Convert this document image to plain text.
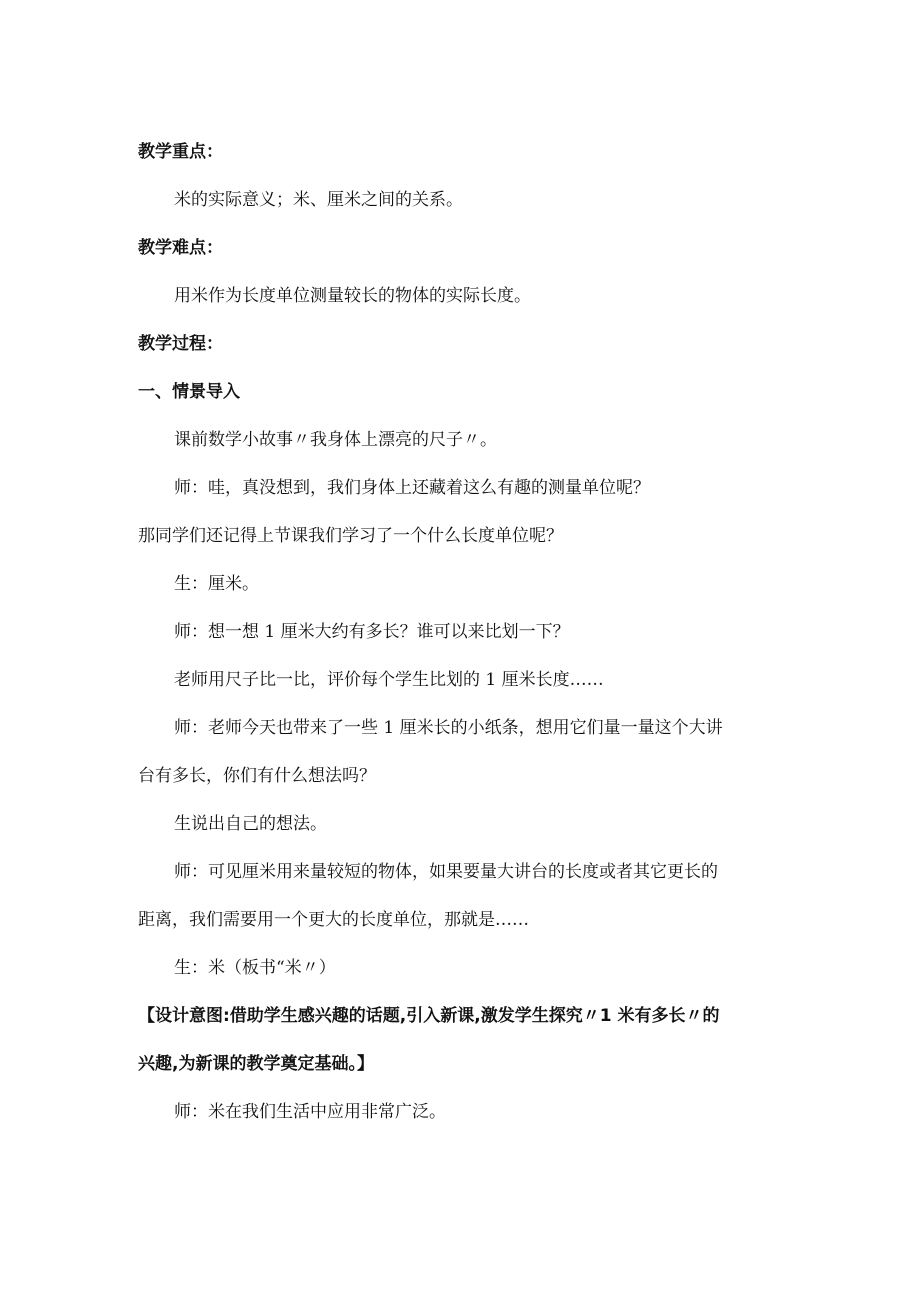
教学重点：

米的实际意义；米、厘米之间的关系。

教学难点：

用米作为长度单位测量较长的物体的实际长度。

教学过程：

一、情景导入

课前数学小故事〃我身体上漂亮的尺子〃。

师：哇，真没想到，我们身体上还藏着这么有趣的测量单位呢？

那同学们还记得上节课我们学习了一个什么长度单位呢？

生：厘米。

师：想一想 1 厘米大约有多长？谁可以来比划一下？

老师用尺子比一比，评价每个学生比划的 1 厘米长度……

师：老师今天也带来了一些 1 厘米长的小纸条，想用它们量一量这个大讲

台有多长，你们有什么想法吗？

生说出自己的想法。

师：可见厘米用来量较短的物体，如果要量大讲台的长度或者其它更长的

距离，我们需要用一个更大的长度单位，那就是……

生：米（板书“米〃）

【设计意图:借助学生感兴趣的话题,引入新课,激发学生探究〃1 米有多长〃的

兴趣,为新课的教学奠定基础。】

师：米在我们生活中应用非常广泛。
